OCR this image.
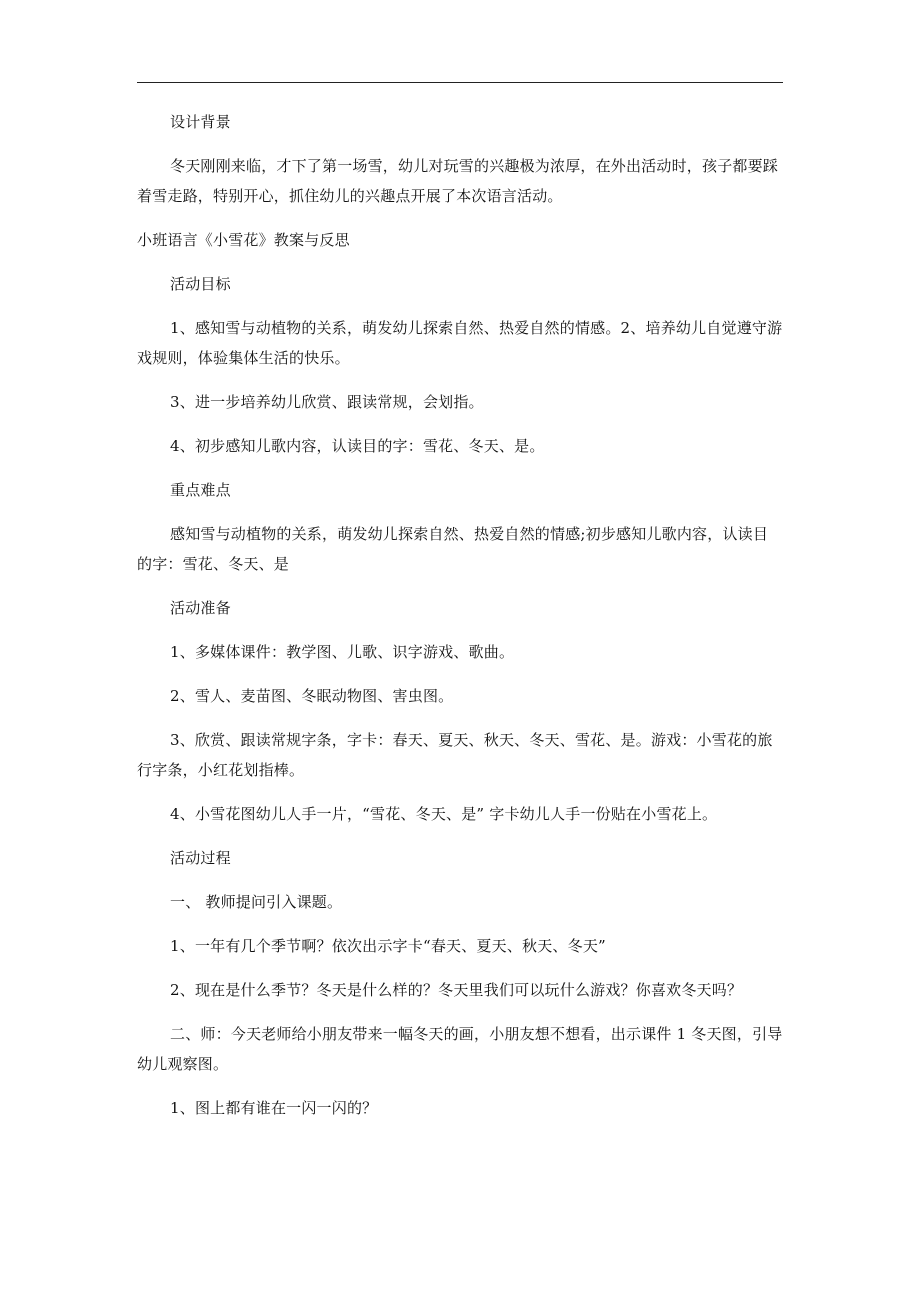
设计背景

冬天刚刚来临，才下了第一场雪，幼儿对玩雪的兴趣极为浓厚，在外出活动时，孩子都要踩着雪走路，特别开心，抓住幼儿的兴趣点开展了本次语言活动。

小班语言《小雪花》教案与反思

活动目标

1、感知雪与动植物的关系，萌发幼儿探索自然、热爱自然的情感。2、培养幼儿自觉遵守游戏规则，体验集体生活的快乐。

3、进一步培养幼儿欣赏、跟读常规，会划指。

4、初步感知儿歌内容，认读目的字：雪花、冬天、是。

重点难点

感知雪与动植物的关系，萌发幼儿探索自然、热爱自然的情感;初步感知儿歌内容，认读目的字：雪花、冬天、是

活动准备

1、多媒体课件：教学图、儿歌、识字游戏、歌曲。

2、雪人、麦苗图、冬眠动物图、害虫图。

3、欣赏、跟读常规字条，字卡：春天、夏天、秋天、冬天、雪花、是。游戏：小雪花的旅行字条，小红花划指棒。

4、小雪花图幼儿人手一片，“雪花、冬天、是” 字卡幼儿人手一份贴在小雪花上。

活动过程

一、 教师提问引入课题。

1、一年有几个季节啊？依次出示字卡“春天、夏天、秋天、冬天”

2、现在是什么季节？冬天是什么样的？冬天里我们可以玩什么游戏？你喜欢冬天吗？

二、师：今天老师给小朋友带来一幅冬天的画，小朋友想不想看，出示课件 1 冬天图，引导幼儿观察图。

1、图上都有谁在一闪一闪的？
